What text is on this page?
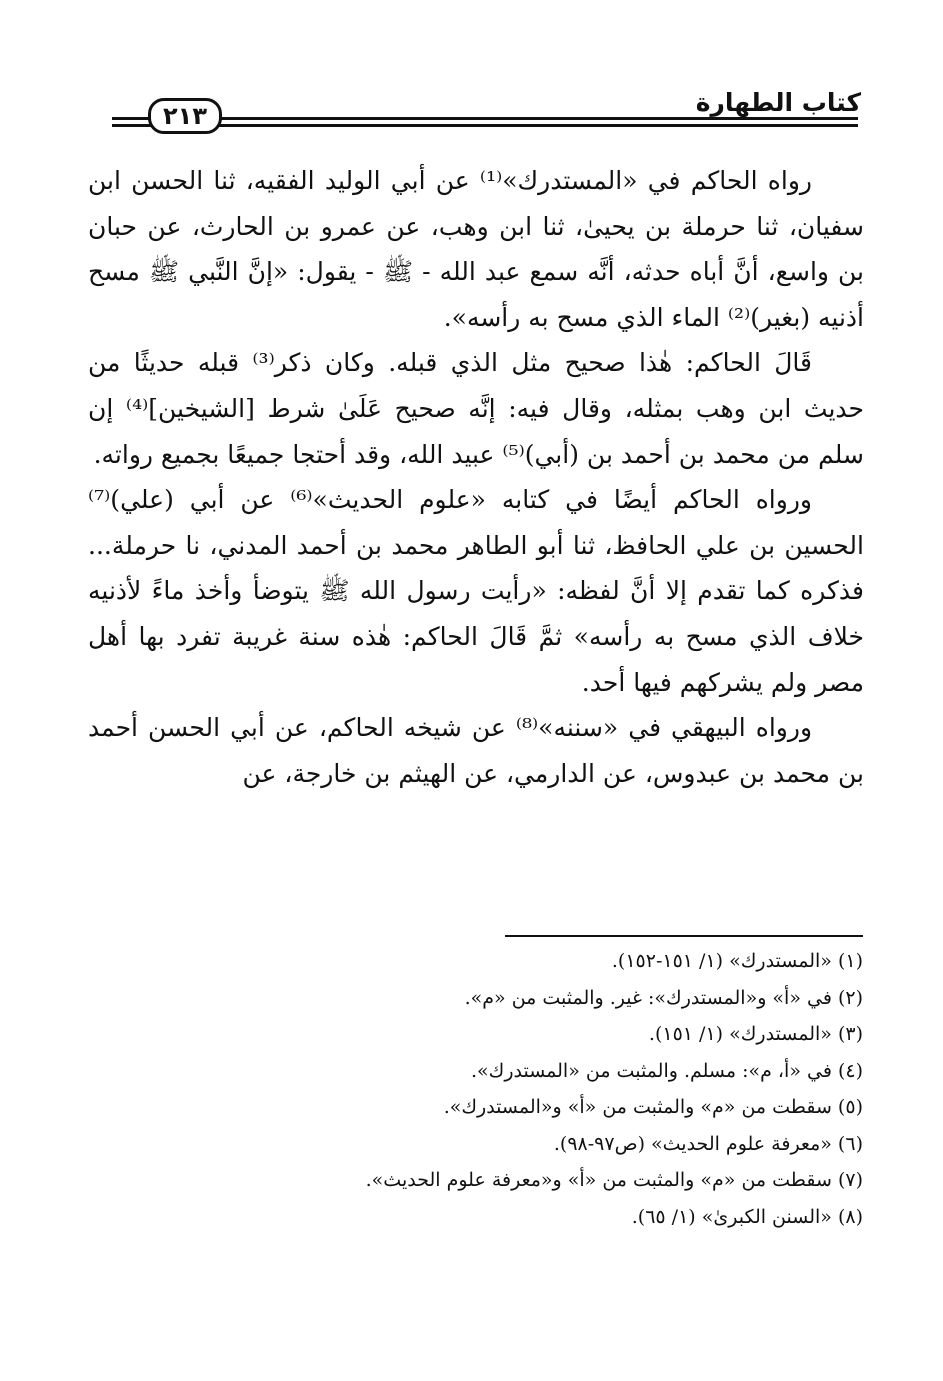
كتاب الطهارة
٢١٣

رواه الحاكم في «المستدرك»⁽¹⁾ عن أبي الوليد الفقيه، ثنا الحسن ابن سفيان، ثنا حرملة بن يحيىٰ، ثنا ابن وهب، عن عمرو بن الحارث، عن حبان بن واسع، أنَّ أباه حدثه، أنَّه سمع عبد الله - ﷺ - يقول: «إنَّ النَّبي ﷺ مسح أذنيه (بغير)⁽²⁾ الماء الذي مسح به رأسه».

قَالَ الحاكم: هٰذا صحيح مثل الذي قبله. وكان ذكر⁽³⁾ قبله حديثًا من حديث ابن وهب بمثله، وقال فيه: إنَّه صحيح عَلَىٰ شرط [الشيخين]⁽⁴⁾ إن سلم من محمد بن أحمد بن (أبي)⁽⁵⁾ عبيد الله، وقد أحتجا جميعًا بجميع رواته.

ورواه الحاكم أيضًا في كتابه «علوم الحديث»⁽⁶⁾ عن أبي (علي)⁽⁷⁾ الحسين بن علي الحافظ، ثنا أبو الطاهر محمد بن أحمد المدني، نا حرملة... فذكره كما تقدم إلا أنَّ لفظه: «رأيت رسول الله ﷺ يتوضأ وأخذ ماءً لأذنيه خلاف الذي مسح به رأسه» ثمَّ قَالَ الحاكم: هٰذه سنة غريبة تفرد بها أهل مصر ولم يشركهم فيها أحد.

ورواه البيهقي في «سننه»⁽⁸⁾ عن شيخه الحاكم، عن أبي الحسن أحمد بن محمد بن عبدوس، عن الدارمي، عن الهيثم بن خارجة، عن

(١) «المستدرك» (١/ ١٥١-١٥٢).
(٢) في «أ» و«المستدرك»: غير. والمثبت من «م».
(٣) «المستدرك» (١/ ١٥١).
(٤) في «أ، م»: مسلم. والمثبت من «المستدرك».
(٥) سقطت من «م» والمثبت من «أ» و«المستدرك».
(٦) «معرفة علوم الحديث» (ص٩٧-٩٨).
(٧) سقطت من «م» والمثبت من «أ» و«معرفة علوم الحديث».
(٨) «السنن الكبرىٰ» (١/ ٦٥).
